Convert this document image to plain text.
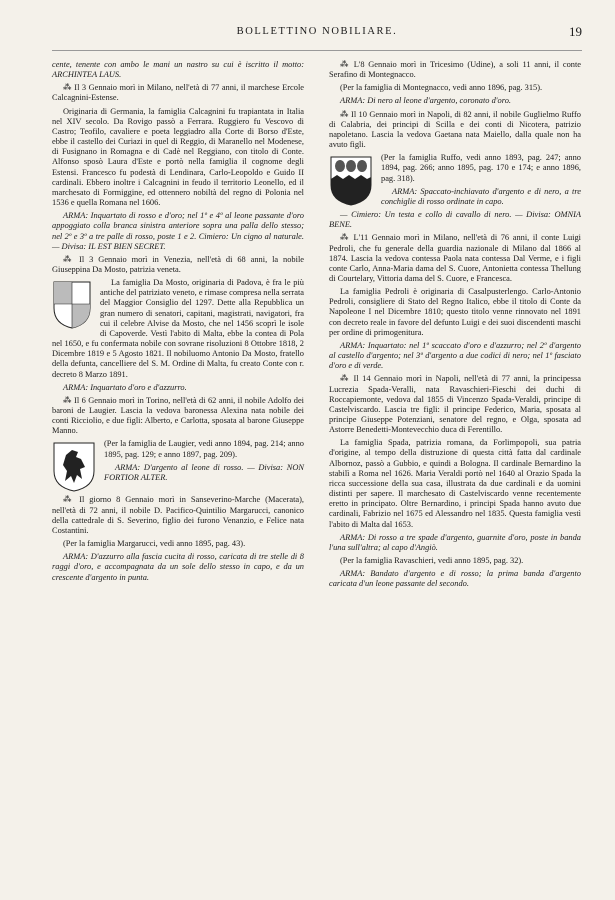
BOLLETTINO NOBILIARE.	19

cente, tenente con ambo le mani un nastro su cui è iscritto il motto: ARCHINTEA LAUS.

⁂ Il 3 Gennaio morì in Milano, nell'età di 77 anni, il marchese Ercole Calcagnini-Estense.

Originaria di Germania, la famiglia Calcagnini fu trapiantata in Italia nel XIV secolo. Da Rovigo passò a Ferrara. Ruggiero fu Vescovo di Castro; Teofilo, cavaliere e poeta leggiadro alla Corte di Borso d'Este, ebbe il castello dei Curiazi in quel di Reggio, di Maranello nel Modenese, di Fusignano in Romagna e di Cadè nel Reggiano, con titolo di Conte. Alfonso sposò Laura d'Este e portò nella famiglia il cognome degli Estensi. Francesco fu podestà di Lendinara, Carlo-Leopoldo e Guido II cardinali. Ebbero inoltre i Calcagnini in feudo il territorio Leonello, ed il marchesato di Formiggine, ed ottennero nobiltà del regno di Polonia nel 1536 e quella Romana nel 1606.

ARMA: Inquartato di rosso e d'oro; nel 1º e 4º al leone passante d'oro appoggiato colla branca sinistra anteriore sopra una palla dello stesso; nel 2º e 3º a tre palle di rosso, poste 1 e 2. Cimiero: Un cigno al naturale. — Divisa: IL EST BIEN SECRET.

⁂ Il 3 Gennaio morì in Venezia, nell'età di 68 anni, la nobile Giuseppina Da Mosto, patrizia veneta.

La famiglia Da Mosto, originaria di Padova, è fra le più antiche del patriziato veneto, e rimase compresa nella serrata del Maggior Consiglio del 1297. Dette alla Repubblica un gran numero di senatori, capitani, magistrati, navigatori, fra cui il celebre Alvise da Mosto, che nel 1456 scoprì le isole di Capoverde. Vestì l'abito di Malta, ebbe la contea di Pola nel 1650, e fu confermata nobile con sovrane risoluzioni 8 Ottobre 1818, 2 Dicembre 1819 e 5 Agosto 1821. Il nobiluomo Antonio Da Mosto, fratello della defunta, cancelliere del S. M. Ordine di Malta, fu creato Conte con r. decreto 8 Marzo 1891.

ARMA: Inquartato d'oro e d'azzurro.

⁂ Il 6 Gennaio morì in Torino, nell'età di 62 anni, il nobile Adolfo dei baroni de Laugier. Lascia la vedova baronessa Alexina nata nobile dei conti Ricciolio, e due figli: Alberto, e Carlotta, sposata al barone Giuseppe Manno.

(Per la famiglia de Laugier, vedi anno 1894, pag. 214; anno 1895, pag. 129; e anno 1897, pag. 209).

ARMA: D'argento al leone di rosso. — Divisa: NON FORTIOR ALTER.

⁂ Il giorno 8 Gennaio morì in Sanseverino-Marche (Macerata), nell'età di 72 anni, il nobile D. Pacifico-Quintilio Margarucci, canonico della cattedrale di S. Severino, figlio dei furono Venanzio, e Felice nata Costantini.

(Per la famiglia Margarucci, vedi anno 1895, pag. 43).

ARMA: D'azzurro alla fascia cucita di rosso, caricata di tre stelle di 8 raggi d'oro, e accompagnata da un sole dello stesso in capo, e da un crescente d'argento in punta.

⁂ L'8 Gennaio morì in Tricesimo (Udine), a soli 11 anni, il conte Serafino di Montegnacco.

(Per la famiglia di Montegnacco, vedi anno 1896, pag. 315).

ARMA: Di nero al leone d'argento, coronato d'oro.

⁂ Il 10 Gennaio morì in Napoli, di 82 anni, il nobile Guglielmo Ruffo di Calabria, dei principi di Scilla e dei conti di Nicotera, patrizio napoletano. Lascia la vedova Gaetana nata Maiello, dalla quale non ha avuto figli.

(Per la famiglia Ruffo, vedi anno 1893, pag. 247; anno 1894, pag. 266; anno 1895, pag. 170 e 174; e anno 1896, pag. 318).

ARMA: Spaccato-inchiavato d'argento e di nero, a tre conchiglie di rosso ordinate in capo.

— Cimiero: Un testa e collo di cavallo di nero. — Divisa: OMNIA BENE.

⁂ L'11 Gennaio morì in Milano, nell'età di 76 anni, il conte Luigi Pedroli, che fu generale della guardia nazionale di Milano dal 1866 al 1874. Lascia la vedova contessa Paola nata contessa Dal Verme, e i figli conte Carlo, Anna-Maria dama del S. Cuore, Antonietta contessa Thellung di Courtelary, Vittoria dama del S. Cuore, e Francesca.

La famiglia Pedroli è originaria di Casalpusterlengo. Carlo-Antonio Pedroli, consigliere di Stato del Regno Italico, ebbe il titolo di Conte da Napoleone I nel Dicembre 1810; questo titolo venne rinnovato nel 1891 con decreto reale in favore del defunto Luigi e dei suoi discendenti maschi per ordine di primogenitura.

ARMA: Inquartato: nel 1º scaccato d'oro e d'azzurro; nel 2º d'argento al castello d'argento; nel 3º d'argento a due codici di nero; nel 1º fasciato d'oro e di verde.

⁂ Il 14 Gennaio morì in Napoli, nell'età di 77 anni, la principessa Lucrezia Spada-Veralli, nata Ravaschieri-Fieschi dei duchi di Roccapiemonte, vedova dal 1855 di Vincenzo Spada-Veraldi, principe di Castelviscardo. Lascia tre figli: il principe Federico, Maria, sposata al principe Giuseppe Potenziani, senatore del regno, e Olga, sposata ad Astorre Benedetti-Montevecchio duca di Ferentillo.

La famiglia Spada, patrizia romana, da Forlimpopoli, sua patria d'origine, al tempo della distruzione di questa città fatta dal cardinale Albornoz, passò a Gubbio, e quindi a Bologna. Il cardinale Bernardino la stabilì a Roma nel 1626. Maria Veraldi portò nel 1640 al Orazio Spada la ricca successione della sua casa, illustrata da due cardinali e da uomini distinti per sapere. Il marchesato di Castelviscardo venne recentemente eretto in principato. Oltre Bernardino, i principi Spada hanno avuto due cardinali, Fabrizio nel 1675 ed Alessandro nel 1835. Questa famiglia vestì l'abito di Malta dal 1653.

ARMA: Di rosso a tre spade d'argento, guarnite d'oro, poste in banda l'una sull'altra; al capo d'Angiò.

(Per la famiglia Ravaschieri, vedi anno 1895, pag. 32).

ARMA: Bandato d'argento e di rosso; la prima banda d'argento caricata d'un leone passante del secondo.
